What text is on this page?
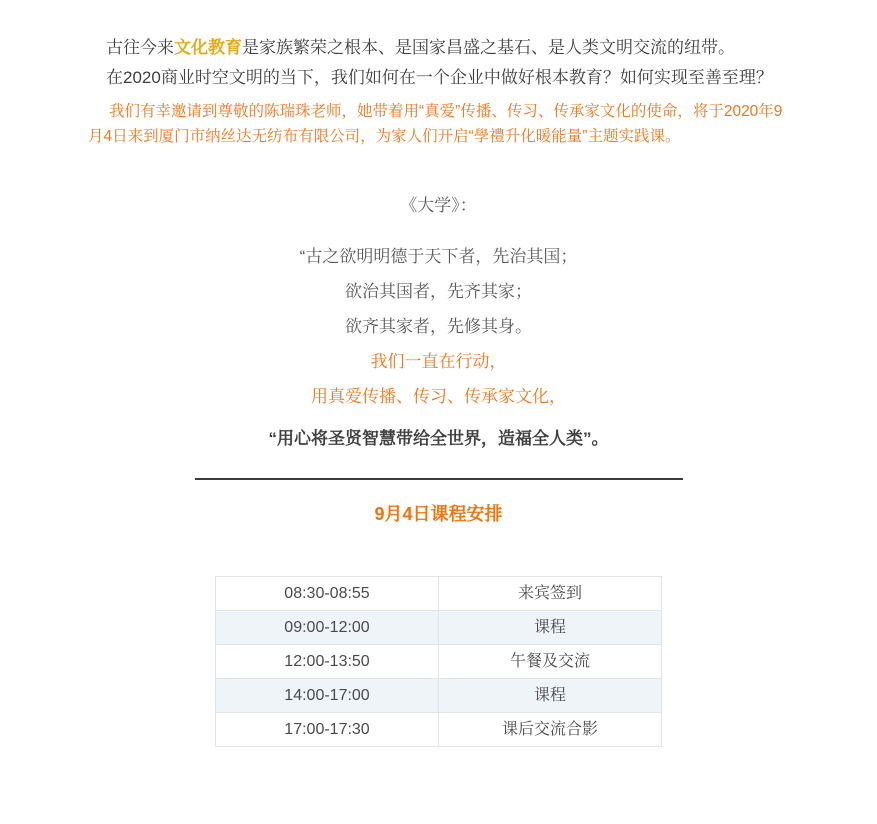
古往今来文化教育是家族繁荣之根本、是国家昌盛之基石、是人类文明交流的纽带。

在2020商业时空文明的当下，我们如何在一个企业中做好根本教育？如何实现至善至理？

我们有幸邀请到尊敬的陈瑞珠老师，她带着用“真爱”传播、传习、传承家文化的使命，将于2020年9月4日来到厦门市纳丝达无纺布有限公司，为家人们开启“學禮升化暖能量”主题实践课。

《大学》：

“古之欲明明德于天下者，先治其国；

欲治其国者，先齐其家；

欲齐其家者，先修其身。

我们一直在行动，

用真爱传播、传习、传承家文化，

“用心将圣贤智慧带给全世界，造福全人类”。

9月4日课程安排

08:30-08:55	来宾签到
09:00-12:00	课程
12:00-13:50	午餐及交流
14:00-17:00	课程
17:00-17:30	课后交流合影
